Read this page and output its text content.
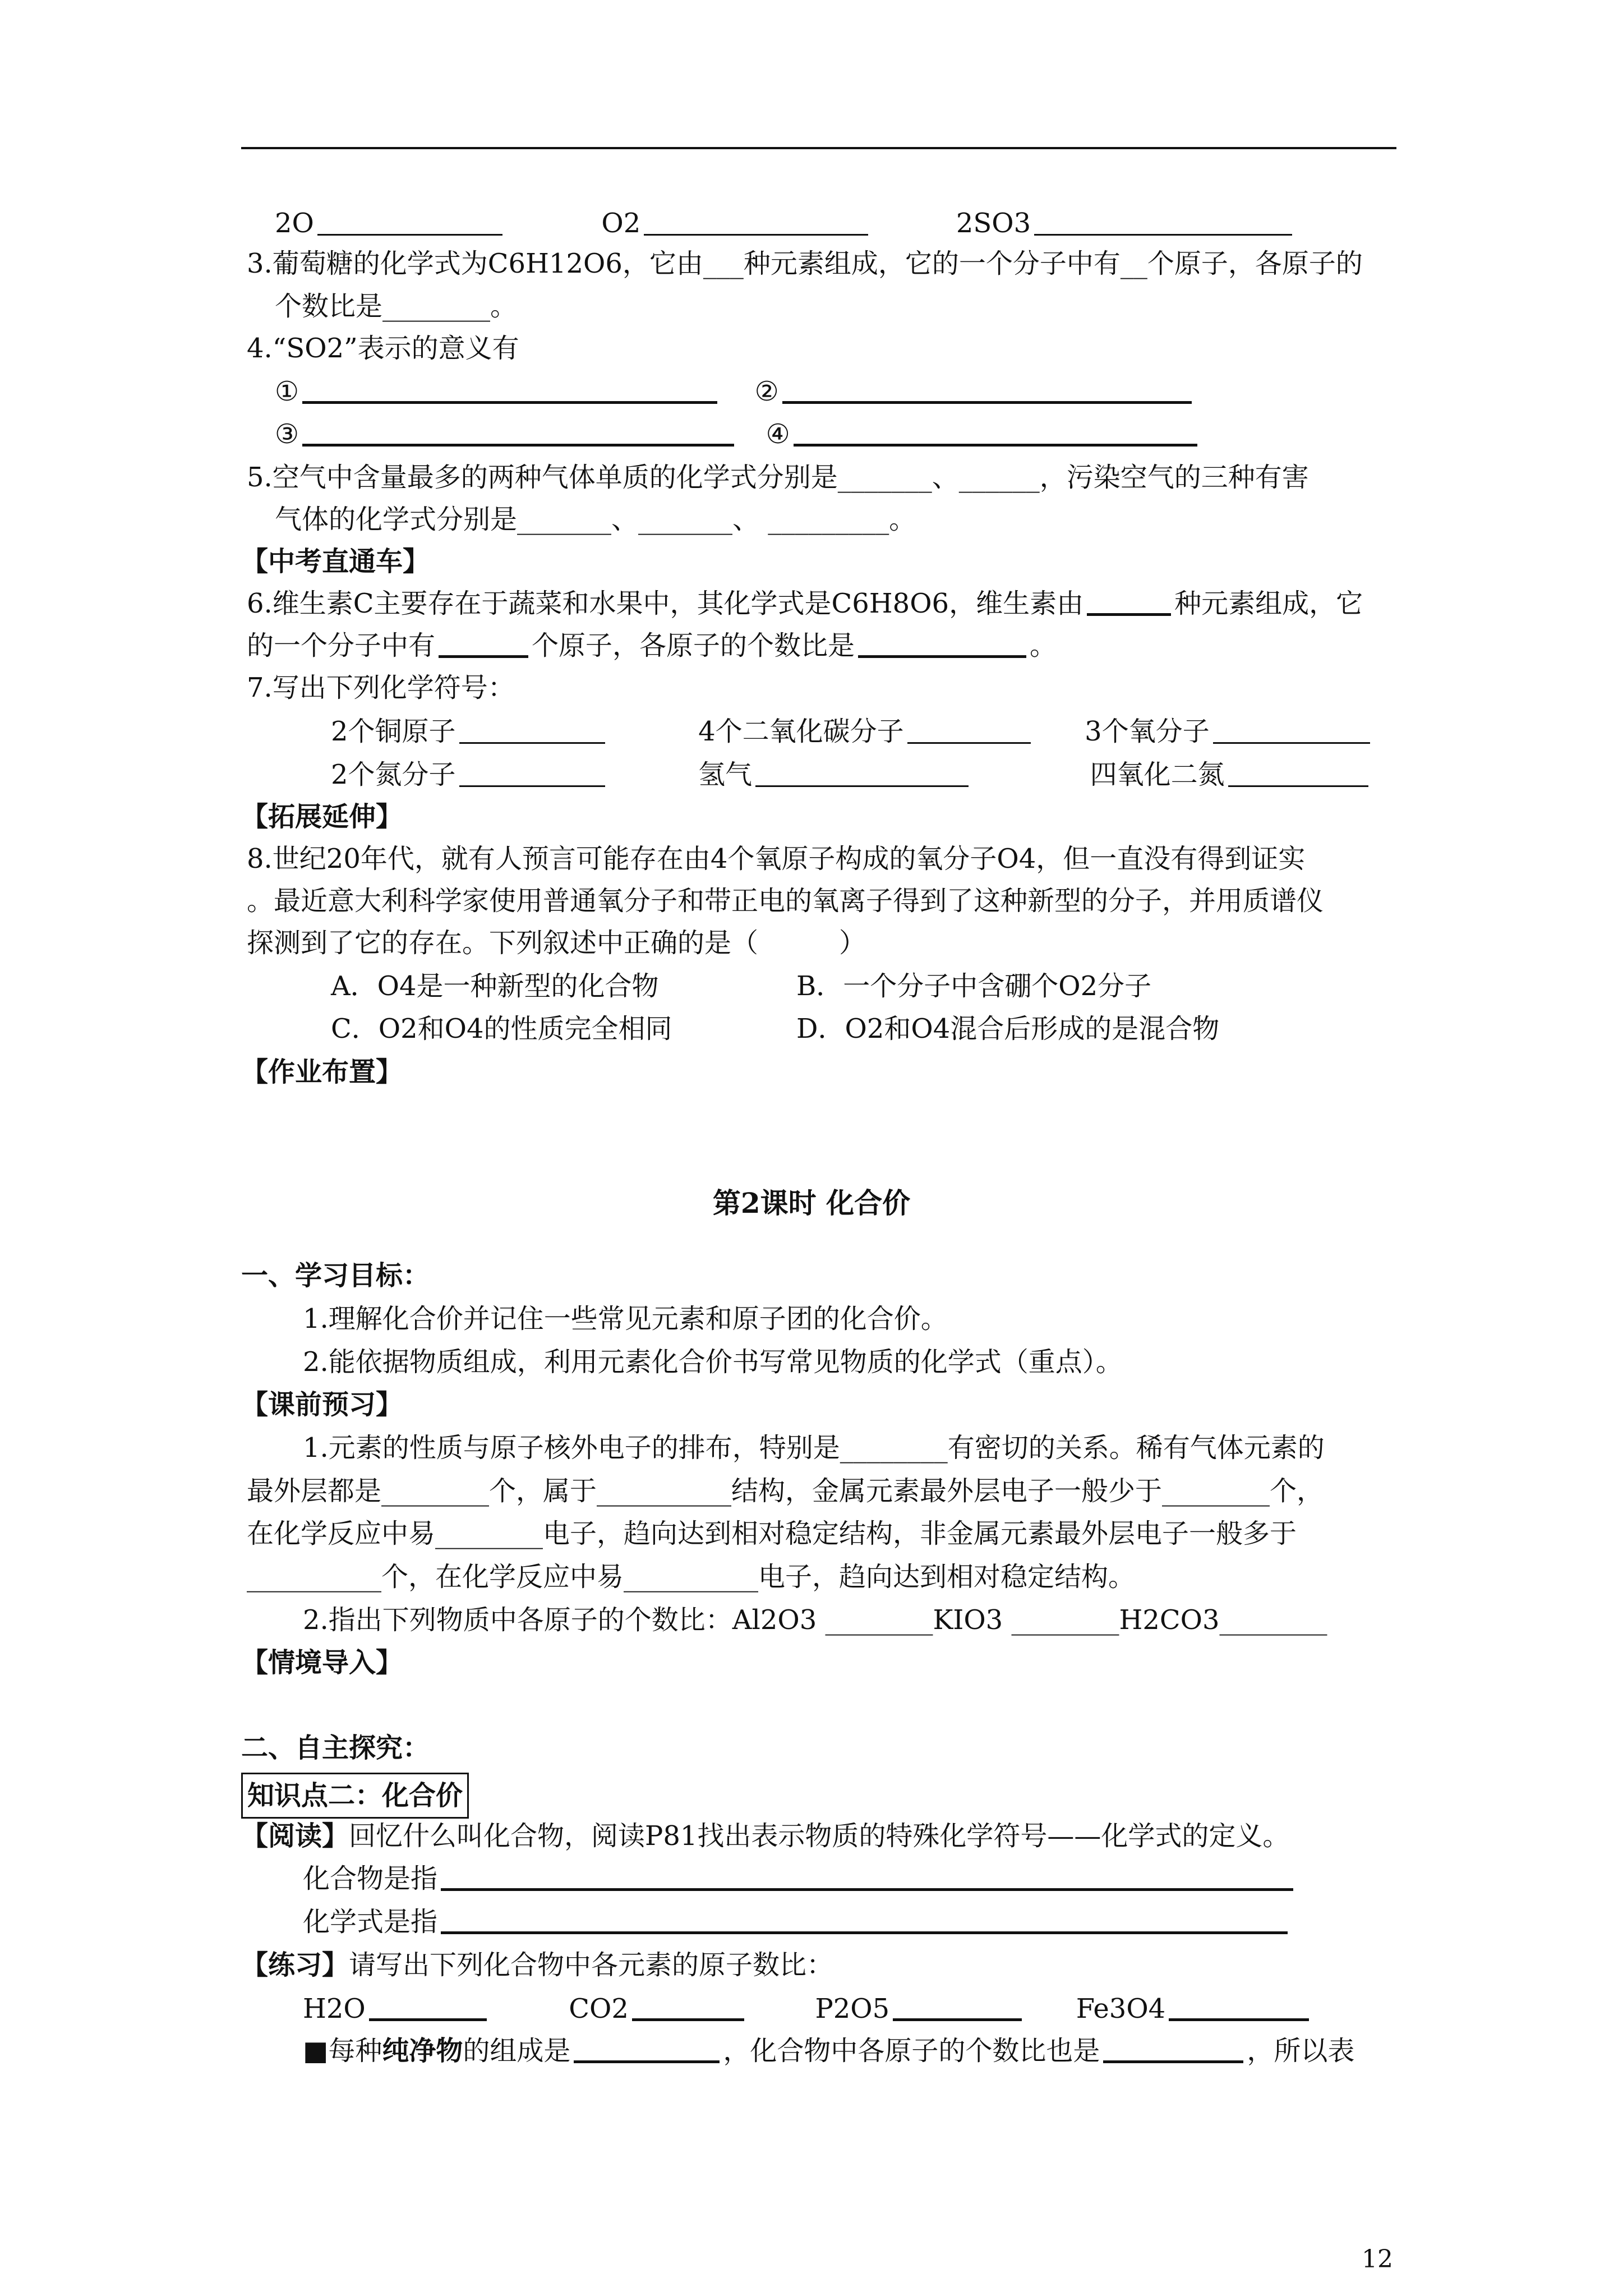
2O	O2	2SO3
3.葡萄糖的化学式为C6H12O6，它由___种元素组成，它的一个分子中有__个原子，各原子的
个数比是________。
4.“SO2”表示的意义有
①	②
③	④
5.空气中含量最多的两种气体单质的化学式分别是_______、______，污染空气的三种有害
气体的化学式分别是_______、_______、 _________。
【中考直通车】
6.维生素C主要存在于蔬菜和水果中，其化学式是C6H8O6，维生素由	种元素组成，它
的一个分子中有	个原子，各原子的个数比是	。
7.写出下列化学符号：
2个铜原子	4个二氧化碳分子	3个氧分子
2个氮分子	氢气	四氧化二氮
【拓展延伸】
8.世纪20年代，就有人预言可能存在由4个氧原子构成的氧分子O4，但一直没有得到证实
。最近意大利科学家使用普通氧分子和带正电的氧离子得到了这种新型的分子，并用质谱仪
探测到了它的存在。下列叙述中正确的是（　　　）
A．O4是一种新型的化合物	B．一个分子中含硼个O2分子
C．O2和O4的性质完全相同	D．O2和O4混合后形成的是混合物
【作业布置】
第2课时 化合价
一、学习目标：
1.理解化合价并记住一些常见元素和原子团的化合价。
2.能依据物质组成，利用元素化合价书写常见物质的化学式（重点）。
【课前预习】
1.元素的性质与原子核外电子的排布，特别是________有密切的关系。稀有气体元素的
最外层都是________个，属于__________结构，金属元素最外层电子一般少于________个，
在化学反应中易________电子，趋向达到相对稳定结构，非金属元素最外层电子一般多于
__________个，在化学反应中易__________电子，趋向达到相对稳定结构。
2.指出下列物质中各原子的个数比：Al2O3 ________KIO3 ________H2CO3________
【情境导入】
二、自主探究：
知识点二：化合价
【阅读】回忆什么叫化合物，阅读P81找出表示物质的特殊化学符号——化学式的定义。
化合物是指
化学式是指
【练习】请写出下列化合物中各元素的原子数比：
H2O	CO2	P2O5	Fe3O4
■每种纯净物的组成是	，化合物中各原子的个数比也是	，所以表
12
